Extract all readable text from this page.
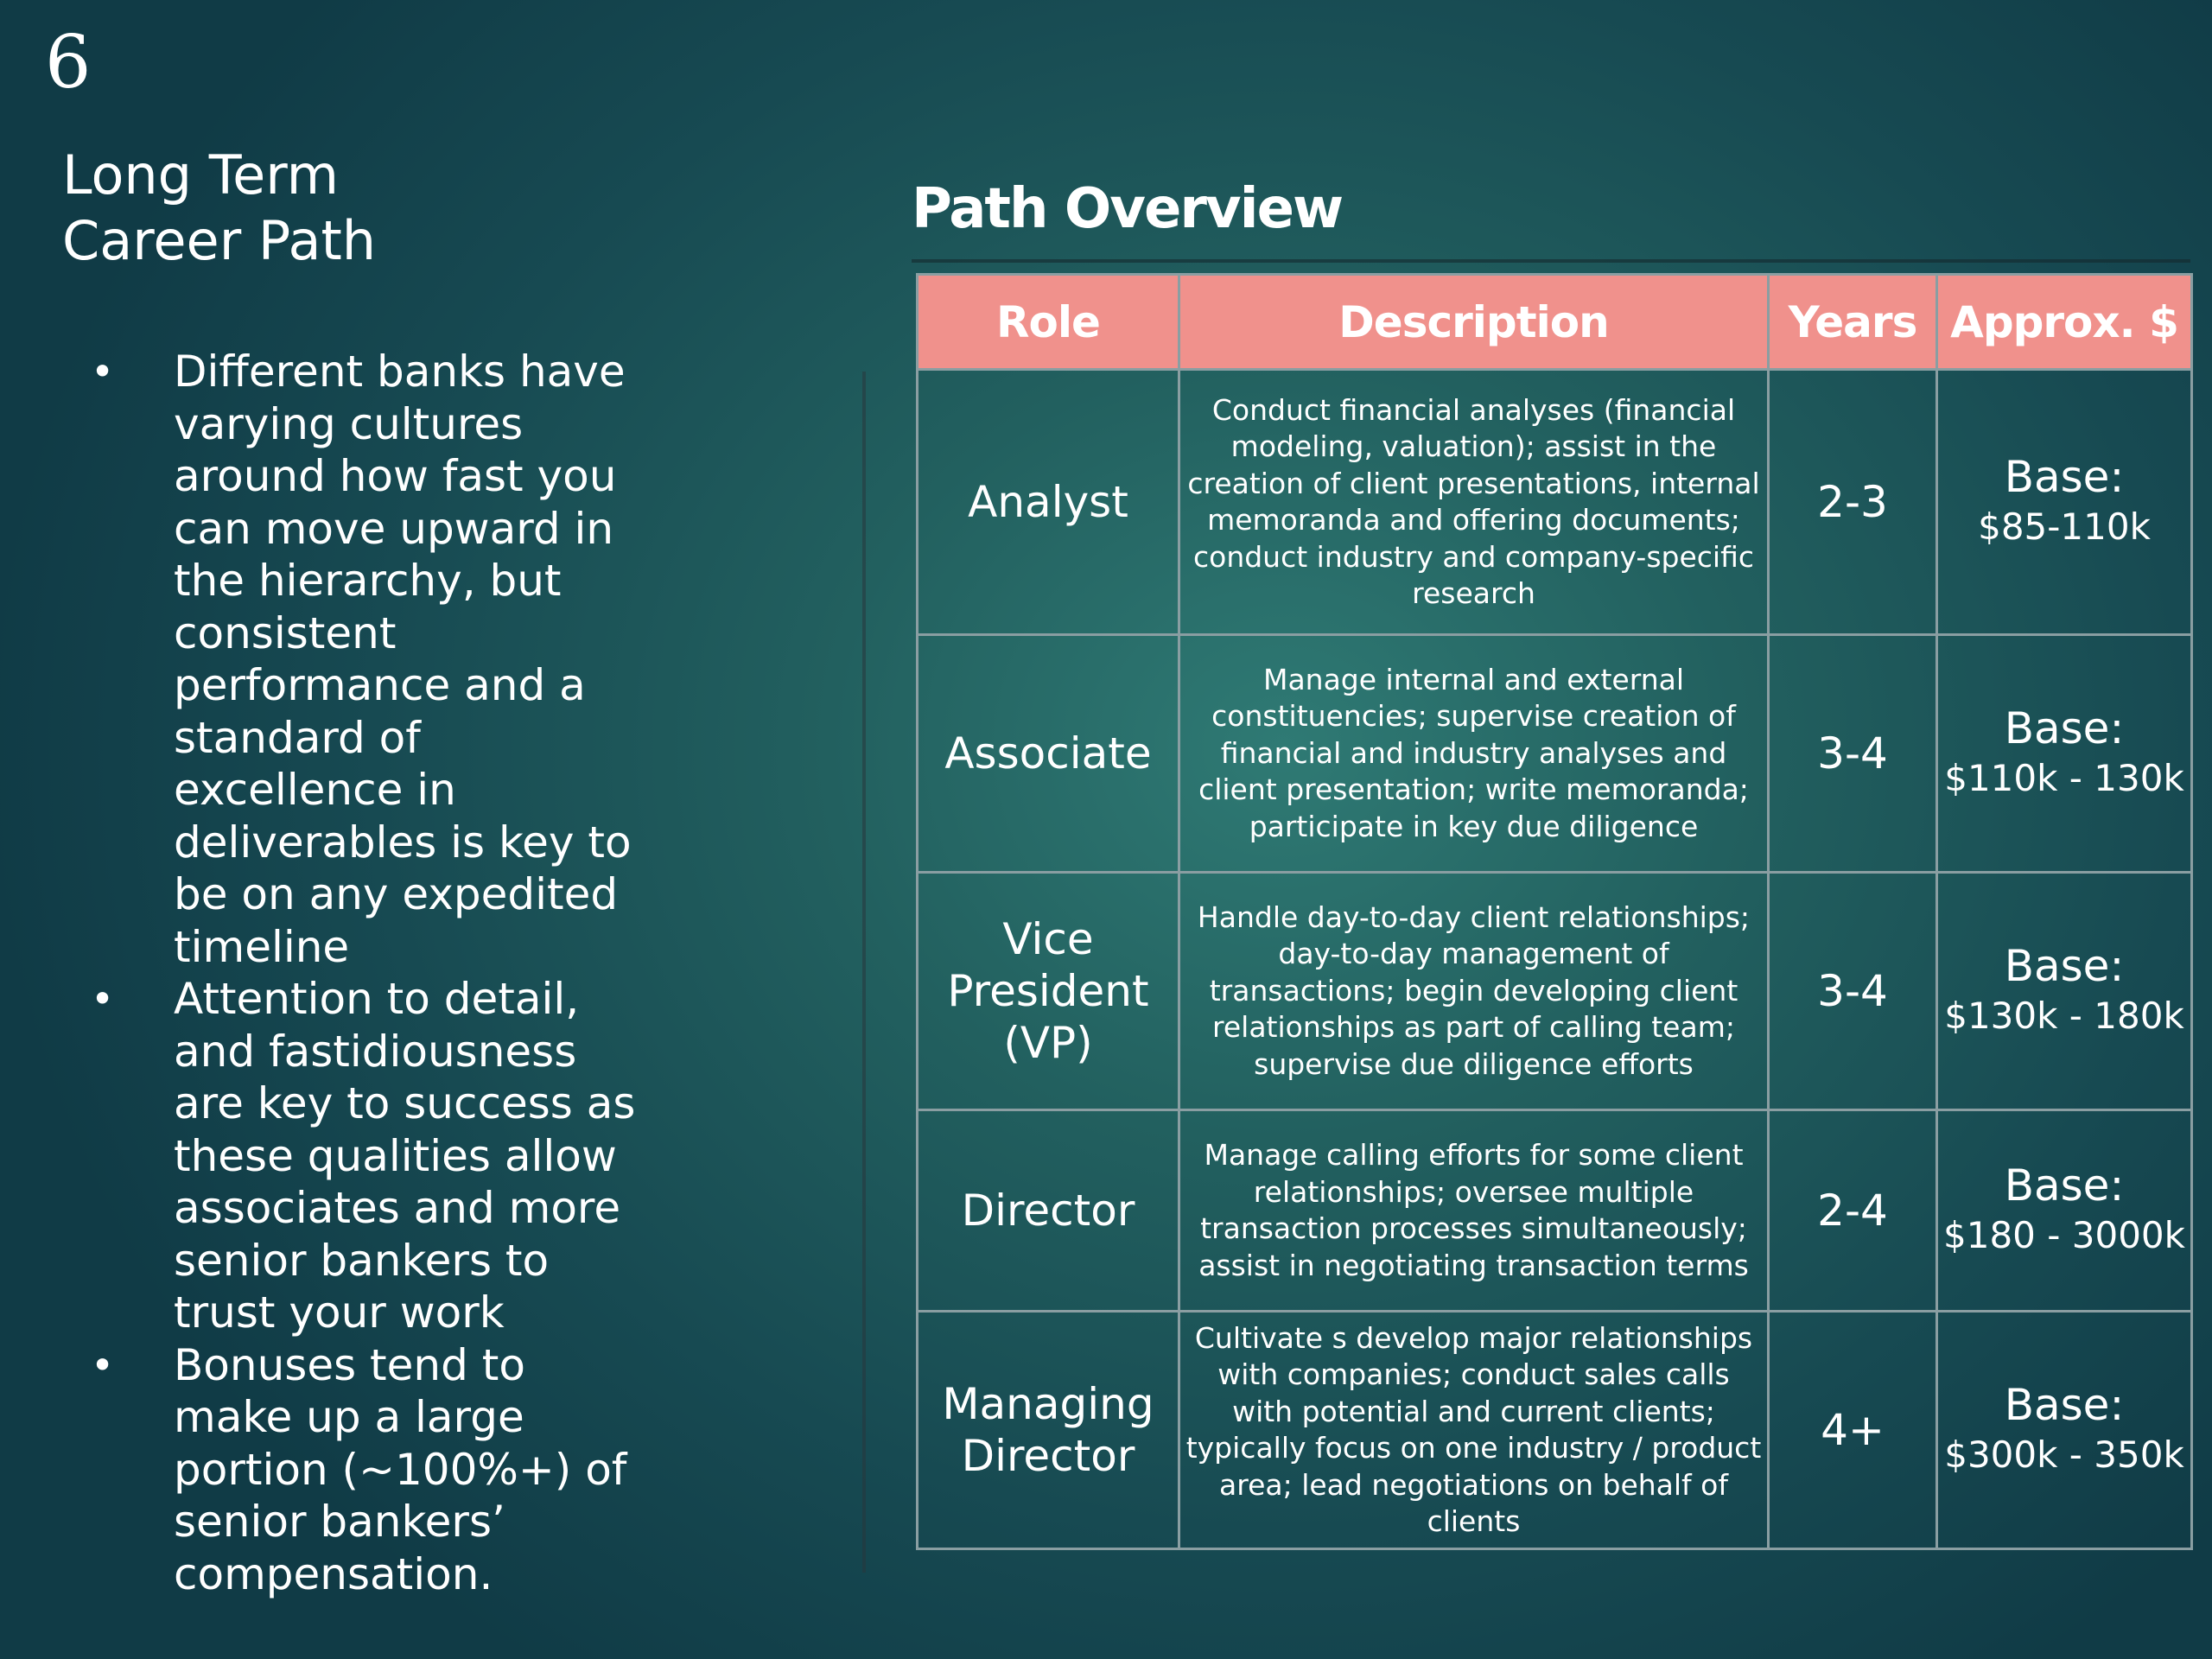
6
Long Term
Career Path
• Different banks have varying cultures around how fast you can move upward in the hierarchy, but consistent performance and a standard of excellence in deliverables is key to be on any expedited timeline
• Attention to detail, and fastidiousness are key to success as these qualities allow associates and more senior bankers to trust your work
• Bonuses tend to make up a large portion (~100%+) of senior bankers’ compensation.
Path Overview
Role	Description	Years	Approx. $
Analyst	Conduct financial analyses (financial modeling, valuation); assist in the creation of client presentations, internal memoranda and offering documents; conduct industry and company-specific research	2-3	Base:
$85-110k

Associate	Manage internal and external constituencies; supervise creation of financial and industry analyses and client presentation; write memoranda; participate in key due diligence	3-4	Base:
$110k - 130k

Vice President (VP)	Handle day-to-day client relationships; day-to-day management of transactions; begin developing client relationships as part of calling team; supervise due diligence efforts	3-4	Base:
$130k - 180k

Director	Manage calling efforts for some client relationships; oversee multiple transaction processes simultaneously; assist in negotiating transaction terms	2-4	Base:
$180 - 3000k

Managing Director	Cultivate s develop major relationships with companies; conduct sales calls with potential and current clients; typically focus on one industry / product area; lead negotiations on behalf of clients	4+	Base:
$300k - 350k
